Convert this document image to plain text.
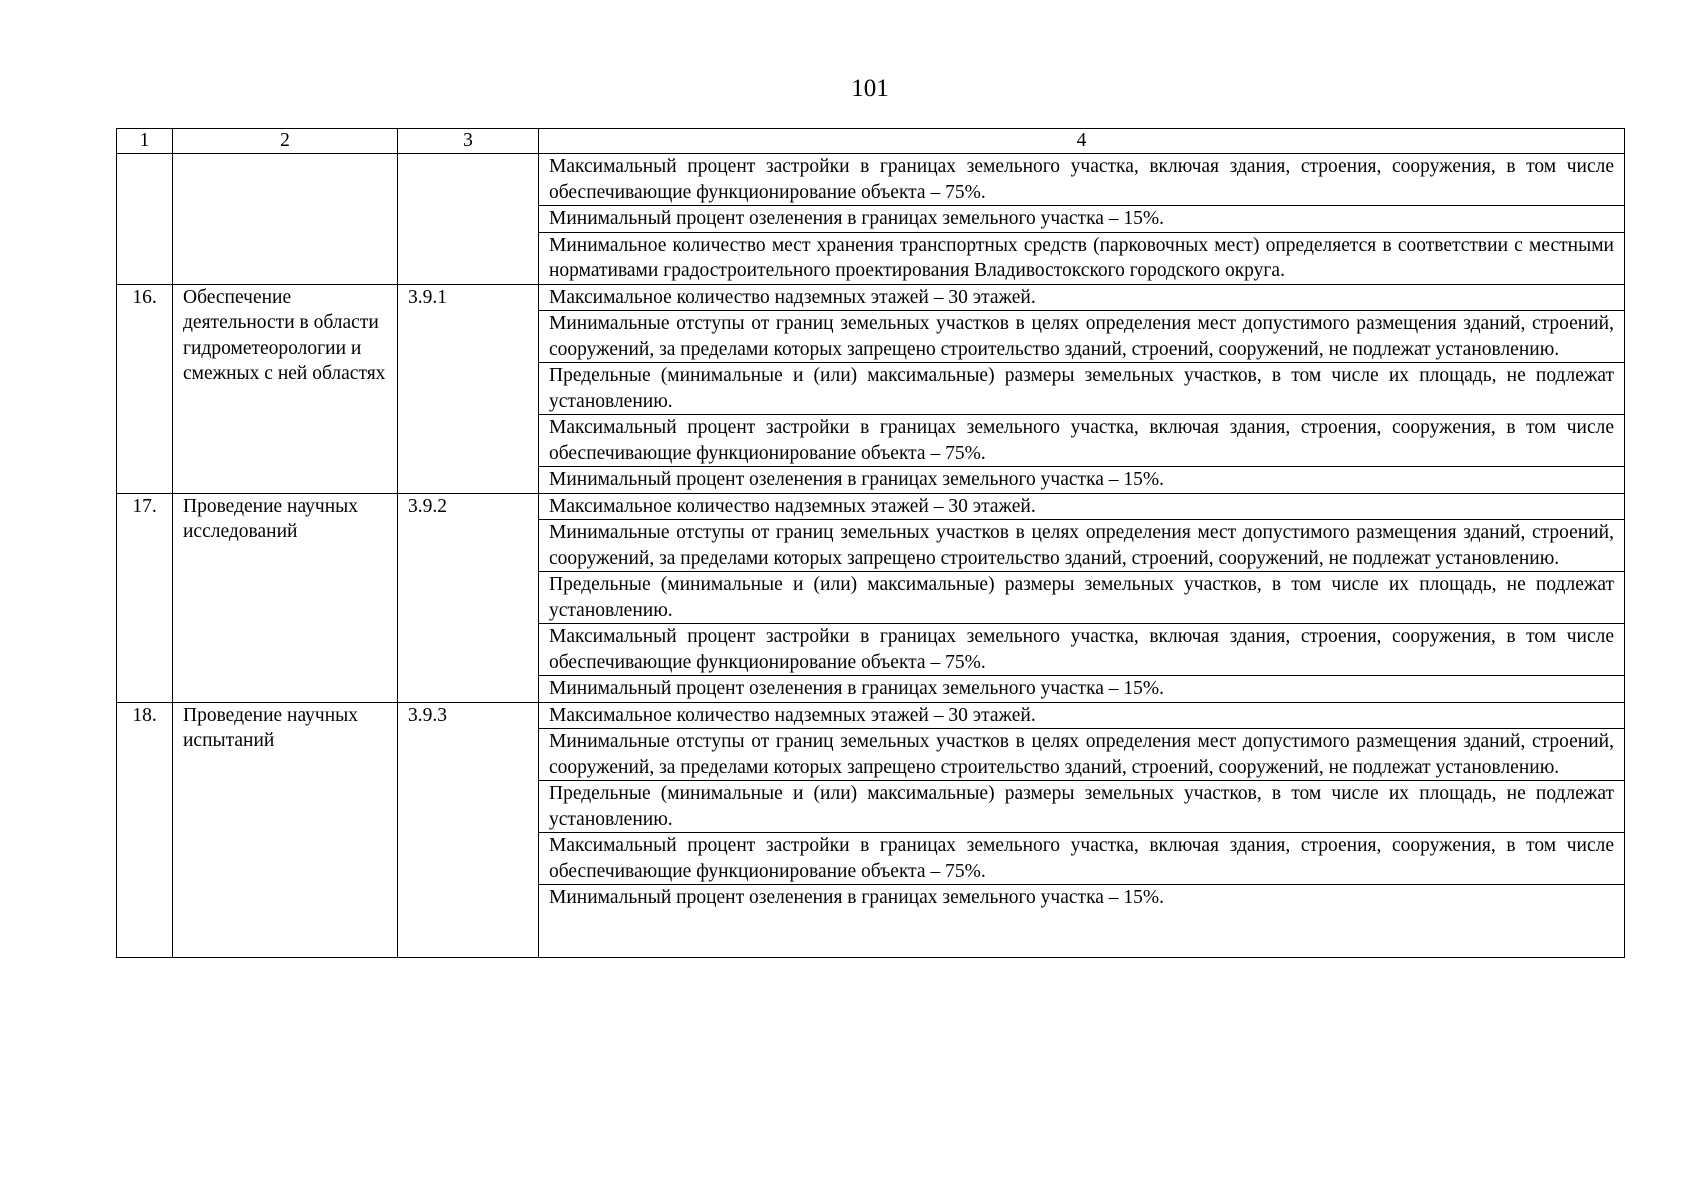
101
1	2	3	4
			Максимальный процент застройки в границах земельного участка, включая здания, строения, сооружения, в том числе обеспечивающие функционирование объекта – 75%.
			Минимальный процент озеленения в границах земельного участка – 15%.
			Минимальное количество мест хранения транспортных средств (парковочных мест) определяется в соответствии с местными нормативами градостроительного проектирования Владивостокского городского округа.
16.	Обеспечение деятельности в области гидрометеорологии и смежных с ней областях	3.9.1	Максимальное количество надземных этажей – 30 этажей.
			Минимальные отступы от границ земельных участков в целях определения мест допустимого размещения зданий, строений, сооружений, за пределами которых запрещено строительство зданий, строений, сооружений, не подлежат установлению.
			Предельные (минимальные и (или) максимальные) размеры земельных участков, в том числе их площадь, не подлежат установлению.
			Максимальный процент застройки в границах земельного участка, включая здания, строения, сооружения, в том числе обеспечивающие функционирование объекта – 75%.
			Минимальный процент озеленения в границах земельного участка – 15%.
17.	Проведение научных исследований	3.9.2	Максимальное количество надземных этажей – 30 этажей.
			Минимальные отступы от границ земельных участков в целях определения мест допустимого размещения зданий, строений, сооружений, за пределами которых запрещено строительство зданий, строений, сооружений, не подлежат установлению.
			Предельные (минимальные и (или) максимальные) размеры земельных участков, в том числе их площадь, не подлежат установлению.
			Максимальный процент застройки в границах земельного участка, включая здания, строения, сооружения, в том числе обеспечивающие функционирование объекта – 75%.
			Минимальный процент озеленения в границах земельного участка – 15%.
18.	Проведение научных испытаний	3.9.3	Максимальное количество надземных этажей – 30 этажей.
			Минимальные отступы от границ земельных участков в целях определения мест допустимого размещения зданий, строений, сооружений, за пределами которых запрещено строительство зданий, строений, сооружений, не подлежат установлению.
			Предельные (минимальные и (или) максимальные) размеры земельных участков, в том числе их площадь, не подлежат установлению.
			Максимальный процент застройки в границах земельного участка, включая здания, строения, сооружения, в том числе обеспечивающие функционирование объекта – 75%.
			Минимальный процент озеленения в границах земельного участка – 15%.
